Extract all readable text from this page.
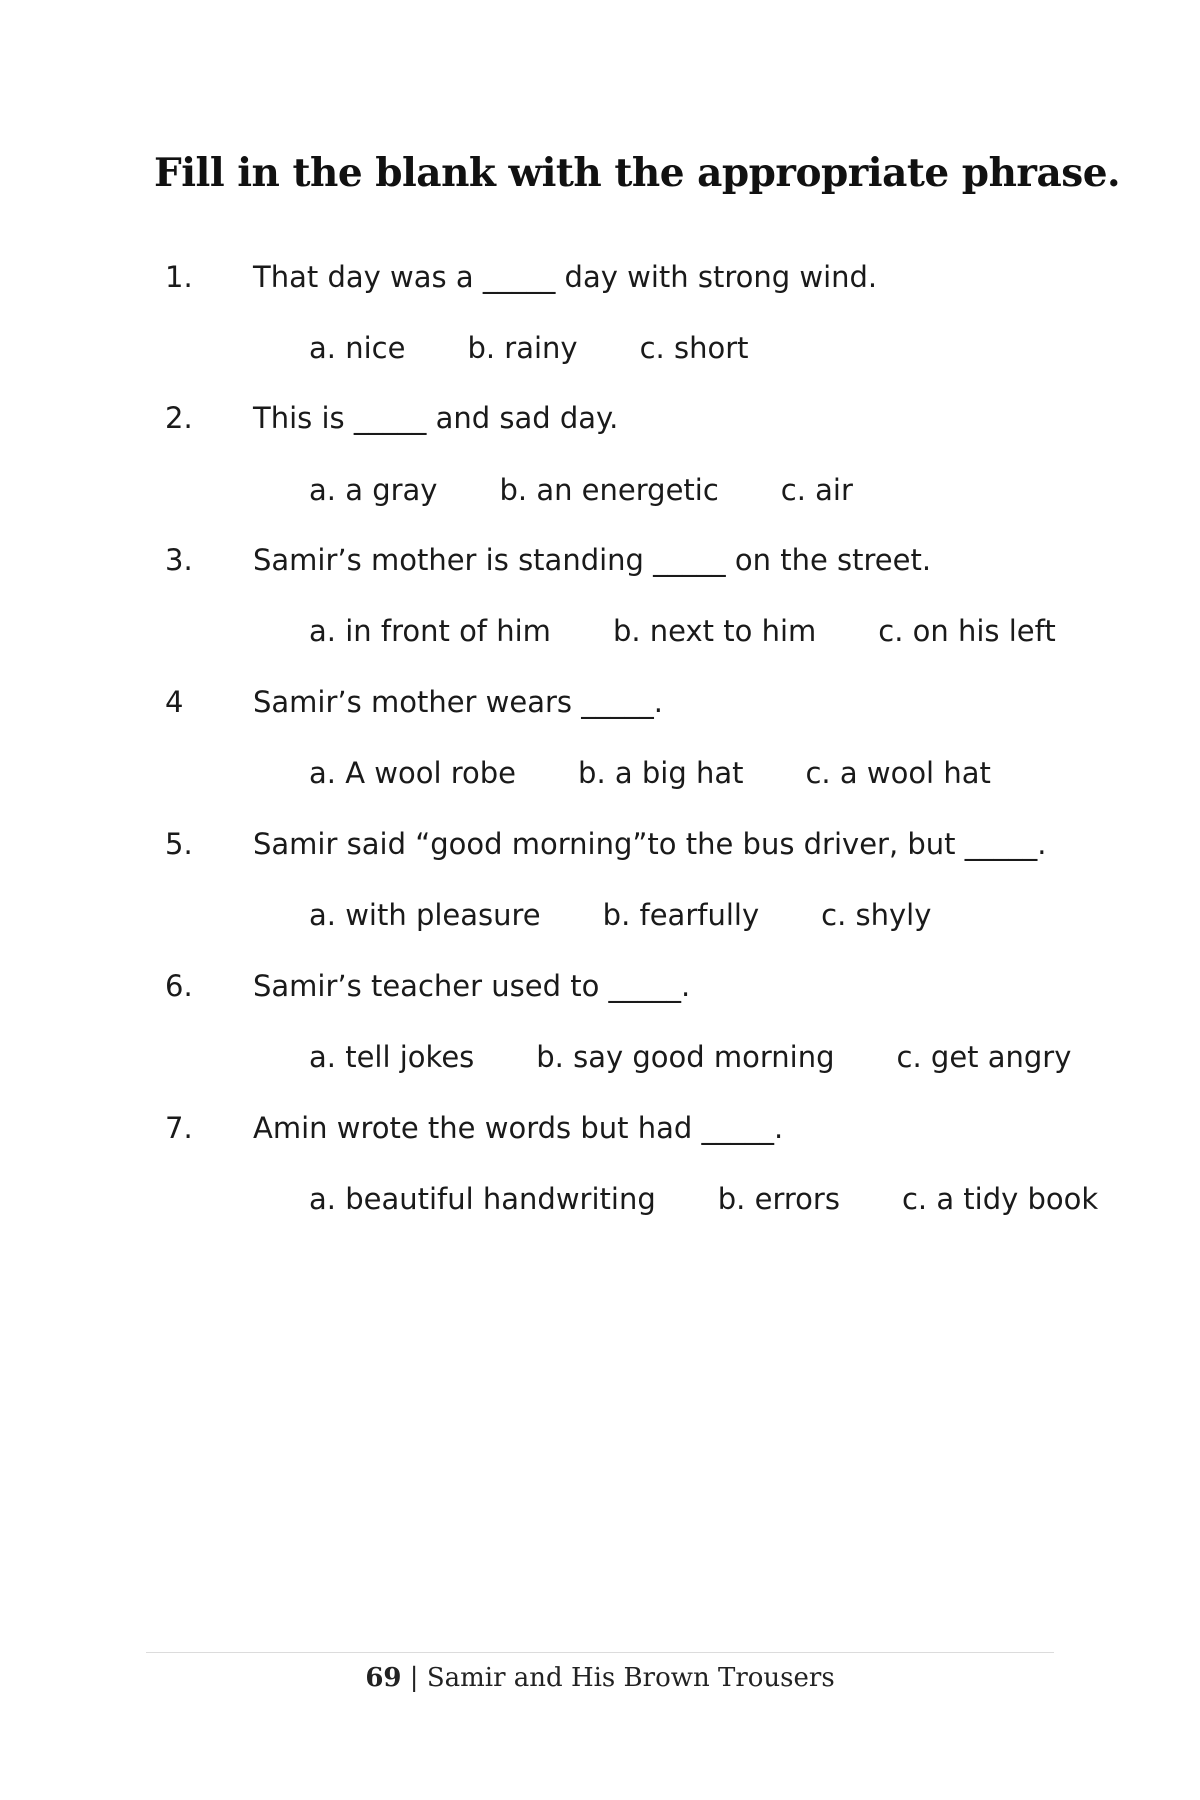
Fill in the blank with the appropriate phrase.
1. That day was a _____ day with strong wind.
a. nice b. rainy c. short
2. This is _____ and sad day.
a. a gray b. an energetic c. air
3. Samir’s mother is standing _____ on the street.
a. in front of him b. next to him c. on his left
4 Samir’s mother wears _____.
a. A wool robe b. a big hat c. a wool hat
5. Samir said “good morning”to the bus driver, but _____.
a. with pleasure b. fearfully c. shyly
6. Samir’s teacher used to _____.
a. tell jokes b. say good morning c. get angry
7. Amin wrote the words but had _____.
a. beautiful handwriting b. errors c. a tidy book
69 | Samir and His Brown Trousers
